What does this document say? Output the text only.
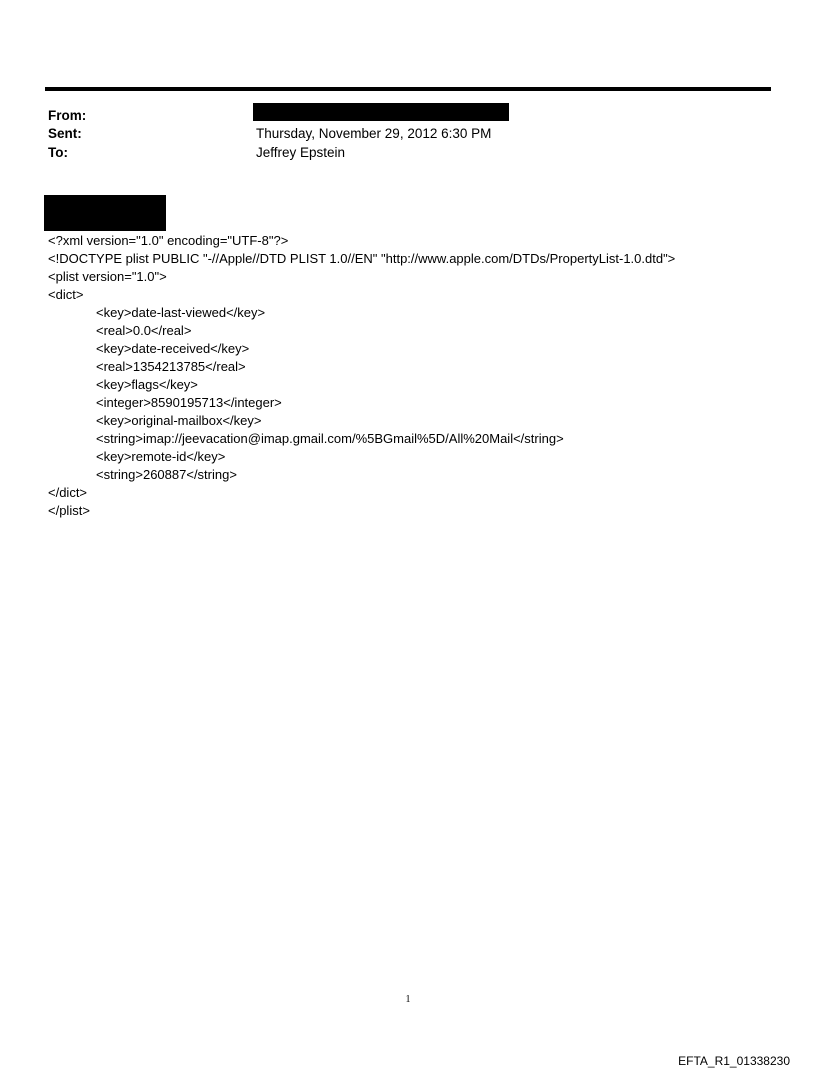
From:
Sent:	Thursday, November 29, 2012 6:30 PM
To:	Jeffrey Epstein
<?xml version="1.0" encoding="UTF-8"?>
<!DOCTYPE plist PUBLIC "-//Apple//DTD PLIST 1.0//EN" "http://www.apple.com/DTDs/PropertyList-1.0.dtd">
<plist version="1.0">
<dict>
<key>date-last-viewed</key>
<real>0.0</real>
<key>date-received</key>
<real>1354213785</real>
<key>flags</key>
<integer>8590195713</integer>
<key>original-mailbox</key>
<string>imap://jeevacation@imap.gmail.com/%5BGmail%5D/All%20Mail</string>
<key>remote-id</key>
<string>260887</string>
</dict>
</plist>
1
EFTA_R1_01338230
